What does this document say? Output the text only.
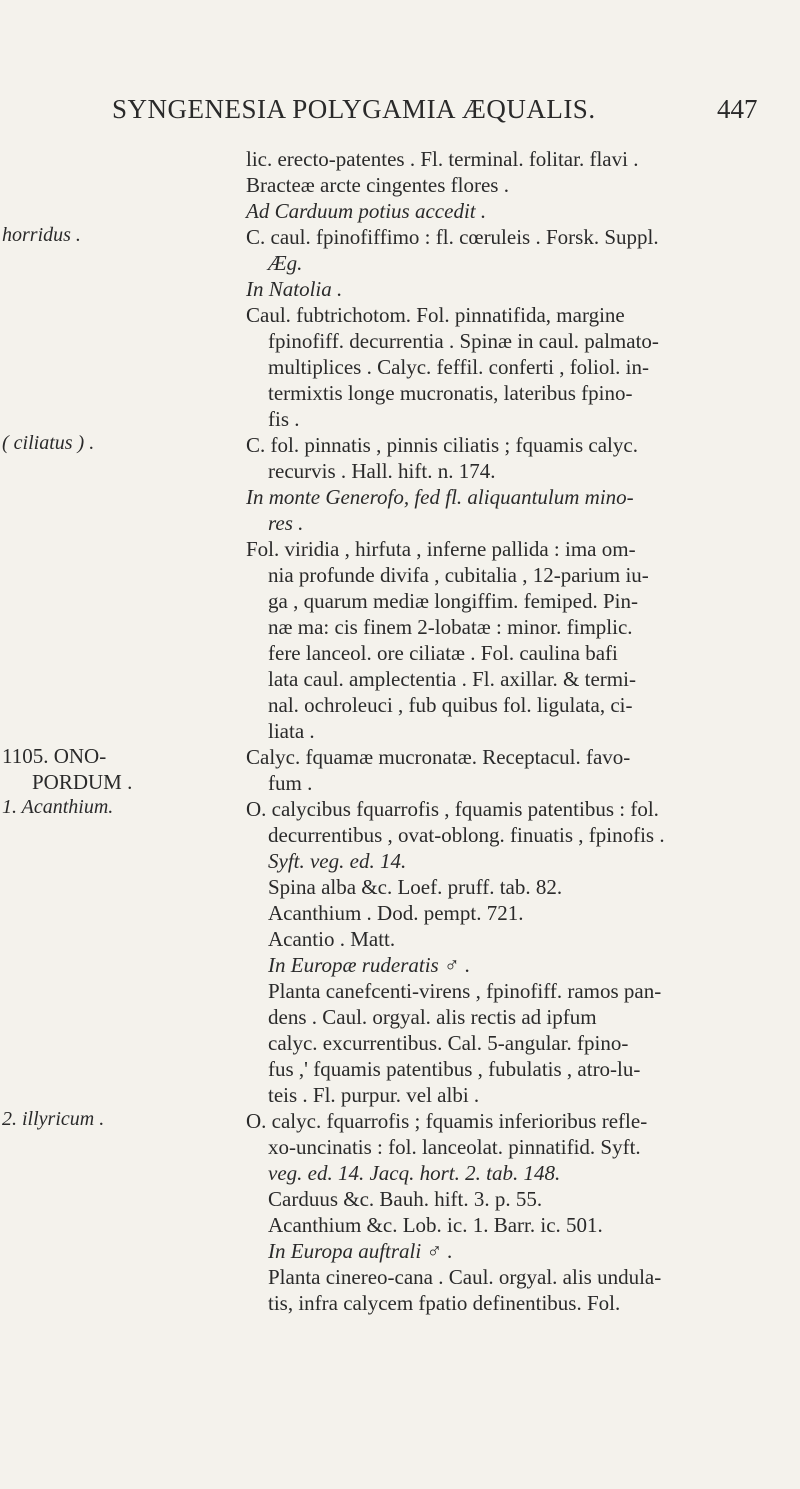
SYNGENESIA POLYGAMIA ÆQUALIS.	447
lic. erecto-patentes . Fl. terminal. folitar. flavi .
Bracteæ arcte cingentes flores .
Ad Carduum potius accedit .
horridus .	C. caul. fpinofiffimo : fl. cœruleis . Forsk. Suppl.
Æg.
In Natolia .
Caul. fubtrichotom. Fol. pinnatifida, margine
fpinofiff. decurrentia . Spinæ in caul. palmato-
multiplices . Calyc. feffil. conferti , foliol. in-
termixtis longe mucronatis, lateribus fpino-
fis .
( ciliatus ) .	C. fol. pinnatis , pinnis ciliatis ; fquamis calyc.
recurvis . Hall. hift. n. 174.
In monte Generofo, fed fl. aliquantulum mino-
res .
Fol. viridia , hirfuta , inferne pallida : ima om-
nia profunde divifa , cubitalia , 12-parium iu-
ga , quarum mediæ longiffim. femiped. Pin-
næ ma: cis finem 2-lobatæ : minor. fimplic.
fere lanceol. ore ciliatæ . Fol. caulina bafi
lata caul. amplectentia . Fl. axillar. & termi-
nal. ochroleuci , fub quibus fol. ligulata, ci-
liata .
1105. ONO-	Calyc. fquamæ mucronatæ. Receptacul. favo-
PORDUM .	fum .
1. Acanthium.	O. calycibus fquarrofis , fquamis patentibus : fol.
decurrentibus , ovat-oblong. finuatis , fpinofis .
Syft. veg. ed. 14.
Spina alba &c. Loef. pruff. tab. 82.
Acanthium . Dod. pempt. 721.
Acantio . Matt.
In Europæ ruderatis ♂ .
Planta canefcenti-virens , fpinofiff. ramos pan-
dens . Caul. orgyal. alis rectis ad ipfum
calyc. excurrentibus. Cal. 5-angular. fpino-
fus ,' fquamis patentibus , fubulatis , atro-lu-
teis . Fl. purpur. vel albi .
2. illyricum .	O. calyc. fquarrofis ; fquamis inferioribus refle-
xo-uncinatis : fol. lanceolat. pinnatifid. Syft.
veg. ed. 14. Jacq. hort. 2. tab. 148.
Carduus &c. Bauh. hift. 3. p. 55.
Acanthium &c. Lob. ic. 1. Barr. ic. 501.
In Europa auftrali ♂ .
Planta cinereo-cana . Caul. orgyal. alis undula-
tis, infra calycem fpatio definentibus. Fol.
